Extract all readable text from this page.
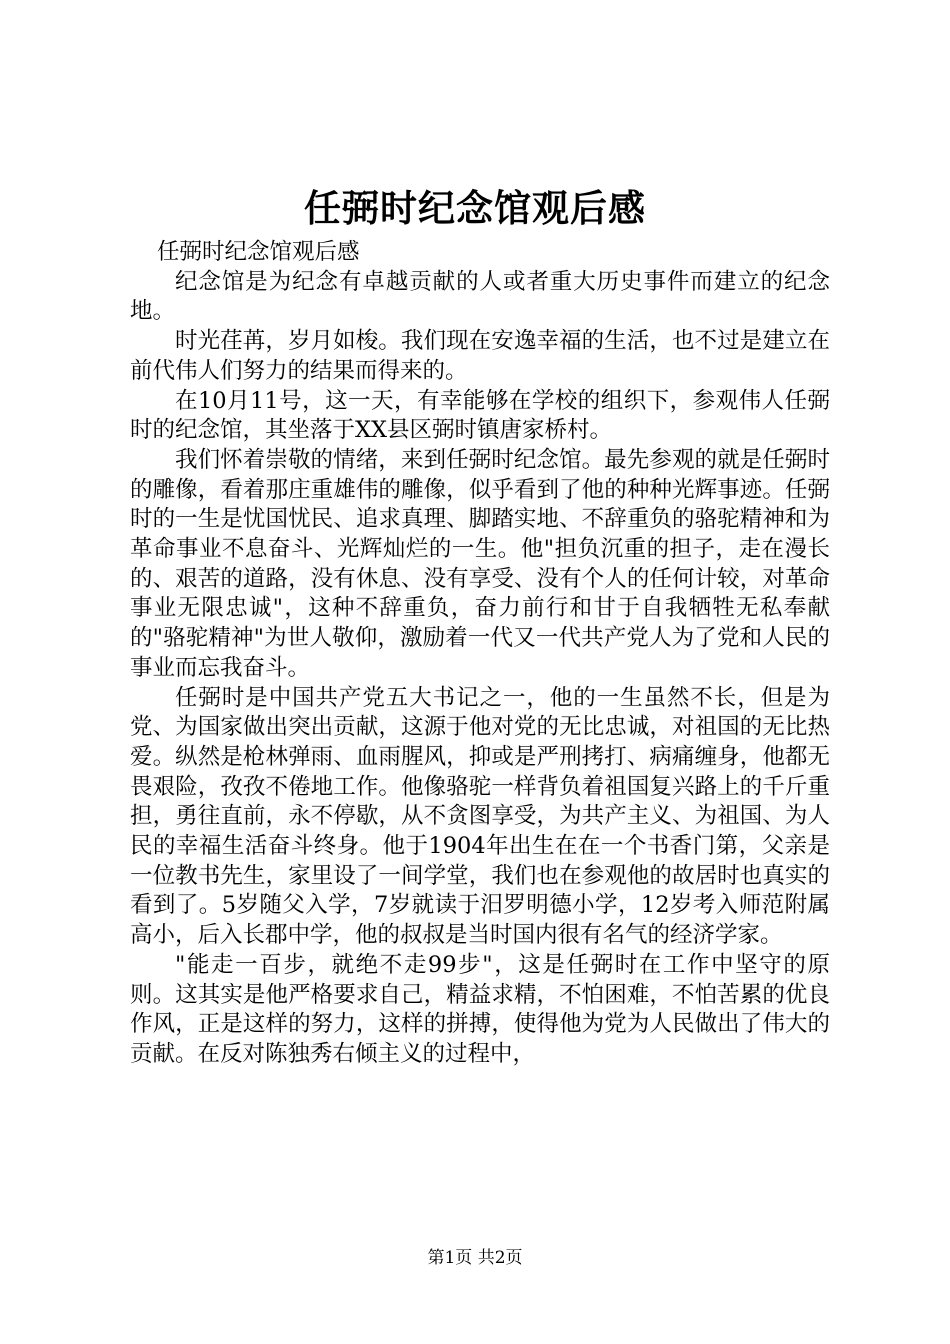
任弼时纪念馆观后感

任弼时纪念馆观后感

纪念馆是为纪念有卓越贡献的人或者重大历史事件而建立的纪念地。

时光荏苒，岁月如梭。我们现在安逸幸福的生活，也不过是建立在前代伟人们努力的结果而得来的。

在10月11号，这一天，有幸能够在学校的组织下，参观伟人任弼时的纪念馆，其坐落于XX县区弼时镇唐家桥村。

我们怀着崇敬的情绪，来到任弼时纪念馆。最先参观的就是任弼时的雕像，看着那庄重雄伟的雕像，似乎看到了他的种种光辉事迹。任弼时的一生是忧国忧民、追求真理、脚踏实地、不辞重负的骆驼精神和为革命事业不息奋斗、光辉灿烂的一生。他"担负沉重的担子，走在漫长的、艰苦的道路，没有休息、没有享受、没有个人的任何计较，对革命事业无限忠诚"，这种不辞重负，奋力前行和甘于自我牺牲无私奉献的"骆驼精神"为世人敬仰，激励着一代又一代共产党人为了党和人民的事业而忘我奋斗。

任弼时是中国共产党五大书记之一，他的一生虽然不长，但是为党、为国家做出突出贡献，这源于他对党的无比忠诚，对祖国的无比热爱。纵然是枪林弹雨、血雨腥风，抑或是严刑拷打、病痛缠身，他都无畏艰险，孜孜不倦地工作。他像骆驼一样背负着祖国复兴路上的千斤重担，勇往直前，永不停歇，从不贪图享受，为共产主义、为祖国、为人民的幸福生活奋斗终身。他于1904年出生在在一个书香门第，父亲是一位教书先生，家里设了一间学堂，我们也在参观他的故居时也真实的看到了。5岁随父入学，7岁就读于汨罗明德小学，12岁考入师范附属高小，后入长郡中学，他的叔叔是当时国内很有名气的经济学家。

"能走一百步，就绝不走99步"，这是任弼时在工作中坚守的原则。这其实是他严格要求自己，精益求精，不怕困难，不怕苦累的优良作风，正是这样的努力，这样的拼搏，使得他为党为人民做出了伟大的贡献。在反对陈独秀右倾主义的过程中，

第1页 共2页
